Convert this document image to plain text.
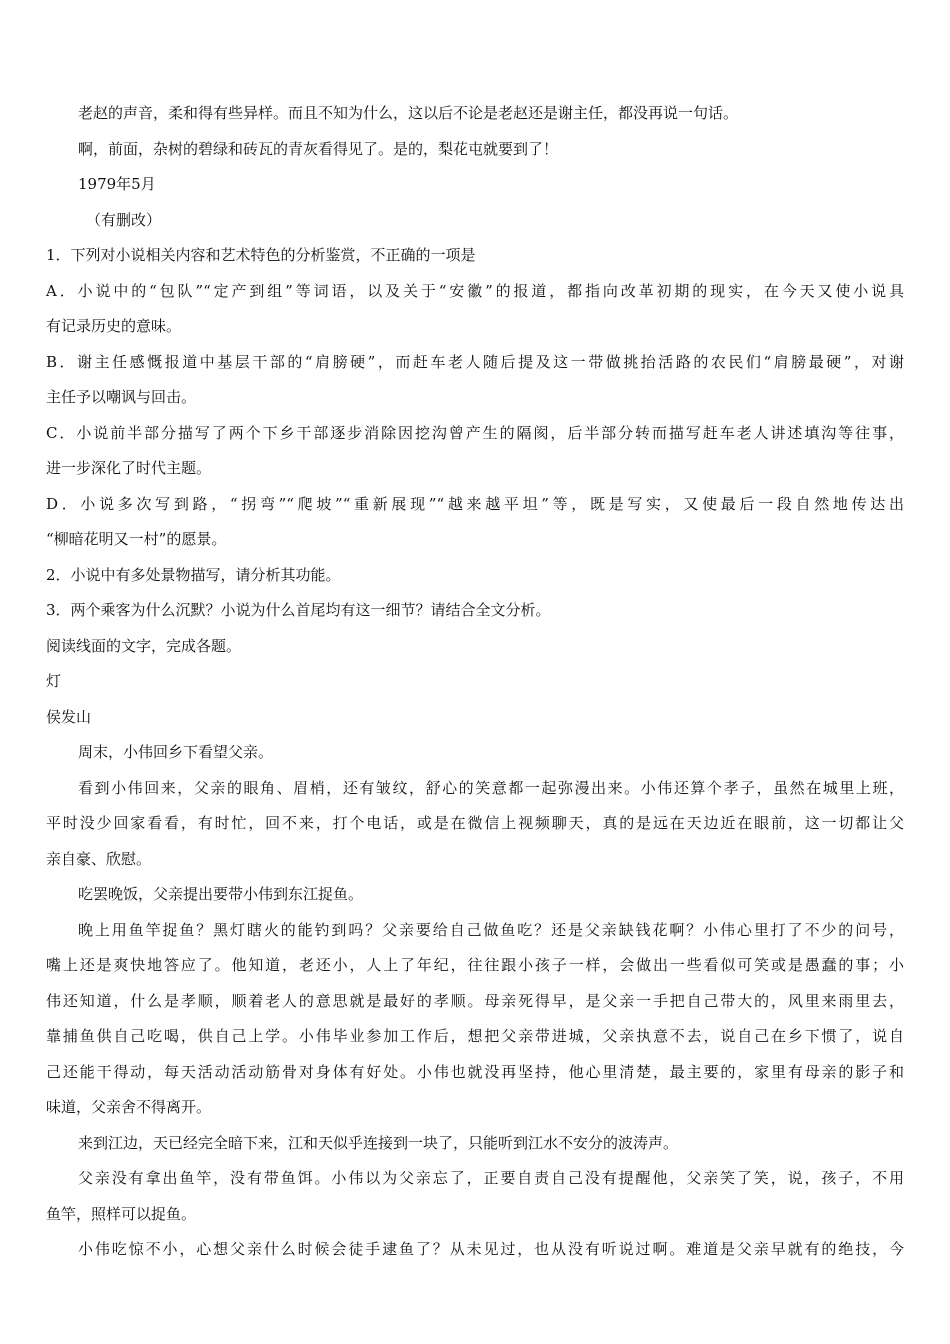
老赵的声音，柔和得有些异样。而且不知为什么，这以后不论是老赵还是谢主任，都没再说一句话。
啊，前面，杂树的碧绿和砖瓦的青灰看得见了。是的，梨花屯就要到了！
1979年5月
（有删改）
1．下列对小说相关内容和艺术特色的分析鉴赏，不正确的一项是
A．小说中的“包队”“定产到组”等词语，以及关于“安徽”的报道，都指向改革初期的现实，在今天又使小说具
有记录历史的意味。
B．谢主任感慨报道中基层干部的“肩膀硬”，而赶车老人随后提及这一带做挑抬活路的农民们“肩膀最硬”，对谢
主任予以嘲讽与回击。
C．小说前半部分描写了两个下乡干部逐步消除因挖沟曾产生的隔阂，后半部分转而描写赶车老人讲述填沟等往事，
进一步深化了时代主题。
D．小说多次写到路，“拐弯”“爬坡”“重新展现”“越来越平坦”等，既是写实，又使最后一段自然地传达出
“柳暗花明又一村”的愿景。
2．小说中有多处景物描写，请分析其功能。
3．两个乘客为什么沉默？小说为什么首尾均有这一细节？请结合全文分析。
阅读线面的文字，完成各题。
灯
侯发山
周末，小伟回乡下看望父亲。
看到小伟回来，父亲的眼角、眉梢，还有皱纹，舒心的笑意都一起弥漫出来。小伟还算个孝子，虽然在城里上班，
平时没少回家看看，有时忙，回不来，打个电话，或是在微信上视频聊天，真的是远在天边近在眼前，这一切都让父
亲自豪、欣慰。
吃罢晚饭，父亲提出要带小伟到东江捉鱼。
晚上用鱼竿捉鱼？黑灯瞎火的能钓到吗？父亲要给自己做鱼吃？还是父亲缺钱花啊？小伟心里打了不少的问号，
嘴上还是爽快地答应了。他知道，老还小，人上了年纪，往往跟小孩子一样，会做出一些看似可笑或是愚蠢的事；小
伟还知道，什么是孝顺，顺着老人的意思就是最好的孝顺。母亲死得早，是父亲一手把自己带大的，风里来雨里去，
靠捕鱼供自己吃喝，供自己上学。小伟毕业参加工作后，想把父亲带进城，父亲执意不去，说自己在乡下惯了，说自
己还能干得动，每天活动活动筋骨对身体有好处。小伟也就没再坚持，他心里清楚，最主要的，家里有母亲的影子和
味道，父亲舍不得离开。
来到江边，天已经完全暗下来，江和天似乎连接到一块了，只能听到江水不安分的波涛声。
父亲没有拿出鱼竿，没有带鱼饵。小伟以为父亲忘了，正要自责自己没有提醒他，父亲笑了笑，说，孩子，不用
鱼竿，照样可以捉鱼。
小伟吃惊不小，心想父亲什么时候会徒手逮鱼了？从未见过，也从没有听说过啊。难道是父亲早就有的绝技，今
